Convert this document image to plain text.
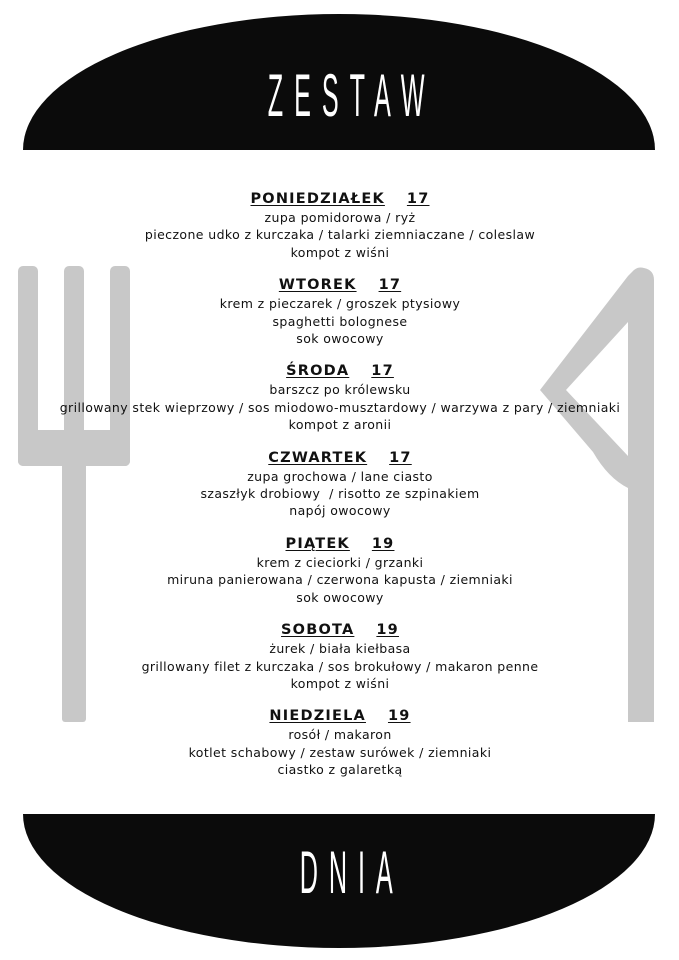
ZESTAW
PONIEDZIAŁEK 17
zupa pomidorowa / ryż
pieczone udko z kurczaka / talarki ziemniaczane / coleslaw
kompot z wiśni
WTOREK 17
krem z pieczarek / groszek ptysiowy
spaghetti bolognese
sok owocowy
ŚRODA 17
barszcz po królewsku
grillowany stek wieprzowy / sos miodowo-musztardowy / warzywa z pary / ziemniaki
kompot z aronii
CZWARTEK 17
zupa grochowa / lane ciasto
szaszłyk drobiowy  / risotto ze szpinakiem
napój owocowy
PIĄTEK 19
krem z cieciorki / grzanki
miruna panierowana / czerwona kapusta / ziemniaki
sok owocowy
SOBOTA 19
żurek / biała kiełbasa
grillowany filet z kurczaka / sos brokułowy / makaron penne
kompot z wiśni
NIEDZIELA 19
rosół / makaron
kotlet schabowy / zestaw surówek / ziemniaki
ciastko z galaretką
DNIA
